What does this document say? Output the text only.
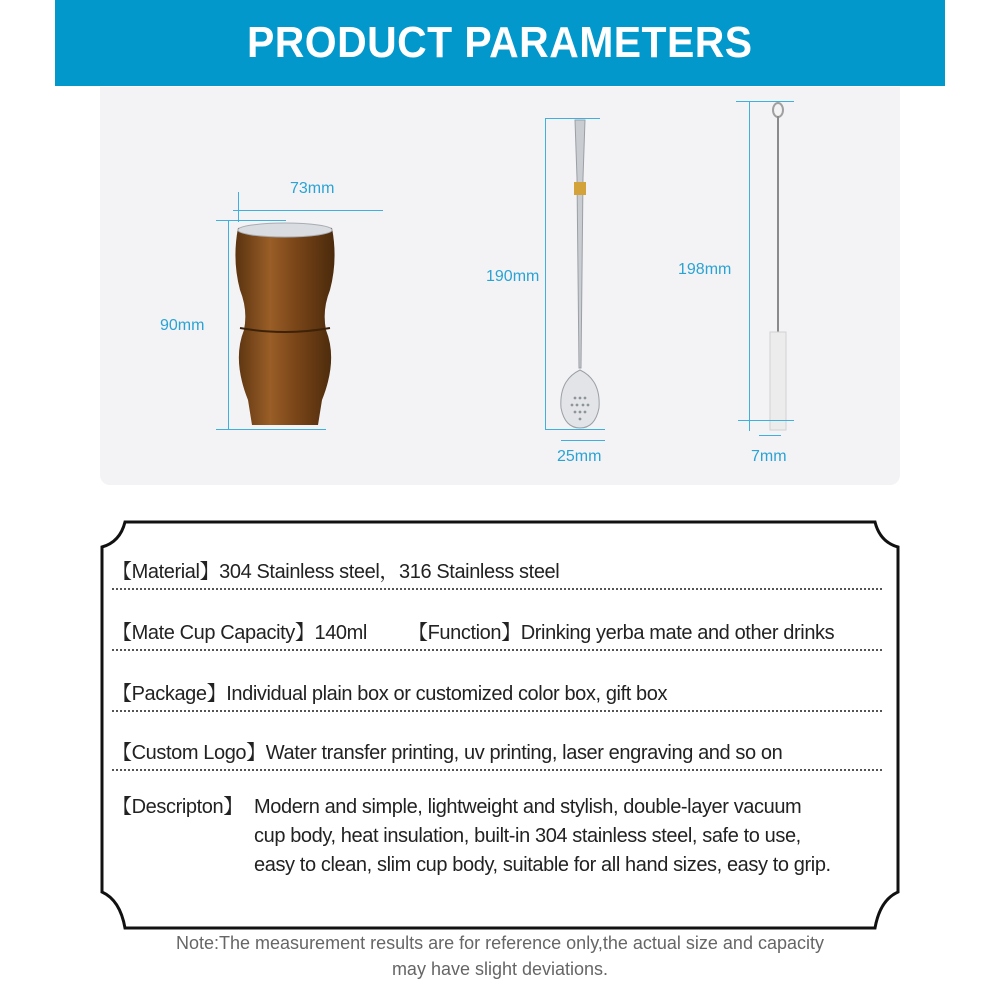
PRODUCT PARAMETERS
73mm
90mm
190mm
25mm
198mm
7mm
【Material】304 Stainless steel，316 Stainless steel
【Mate Cup Capacity】140ml 【Function】Drinking yerba mate and other drinks
【Package】Individual plain box or customized color box, gift box
【Custom Logo】Water transfer printing, uv printing, laser engraving and so on
【Descripton】 Modern and simple, lightweight and stylish, double-layer vacuum
cup body, heat insulation, built-in 304 stainless steel, safe to use,
easy to clean, slim cup body, suitable for all hand sizes, easy to grip.
Note:The measurement results are for reference only,the actual size and capacity
may have slight deviations.
